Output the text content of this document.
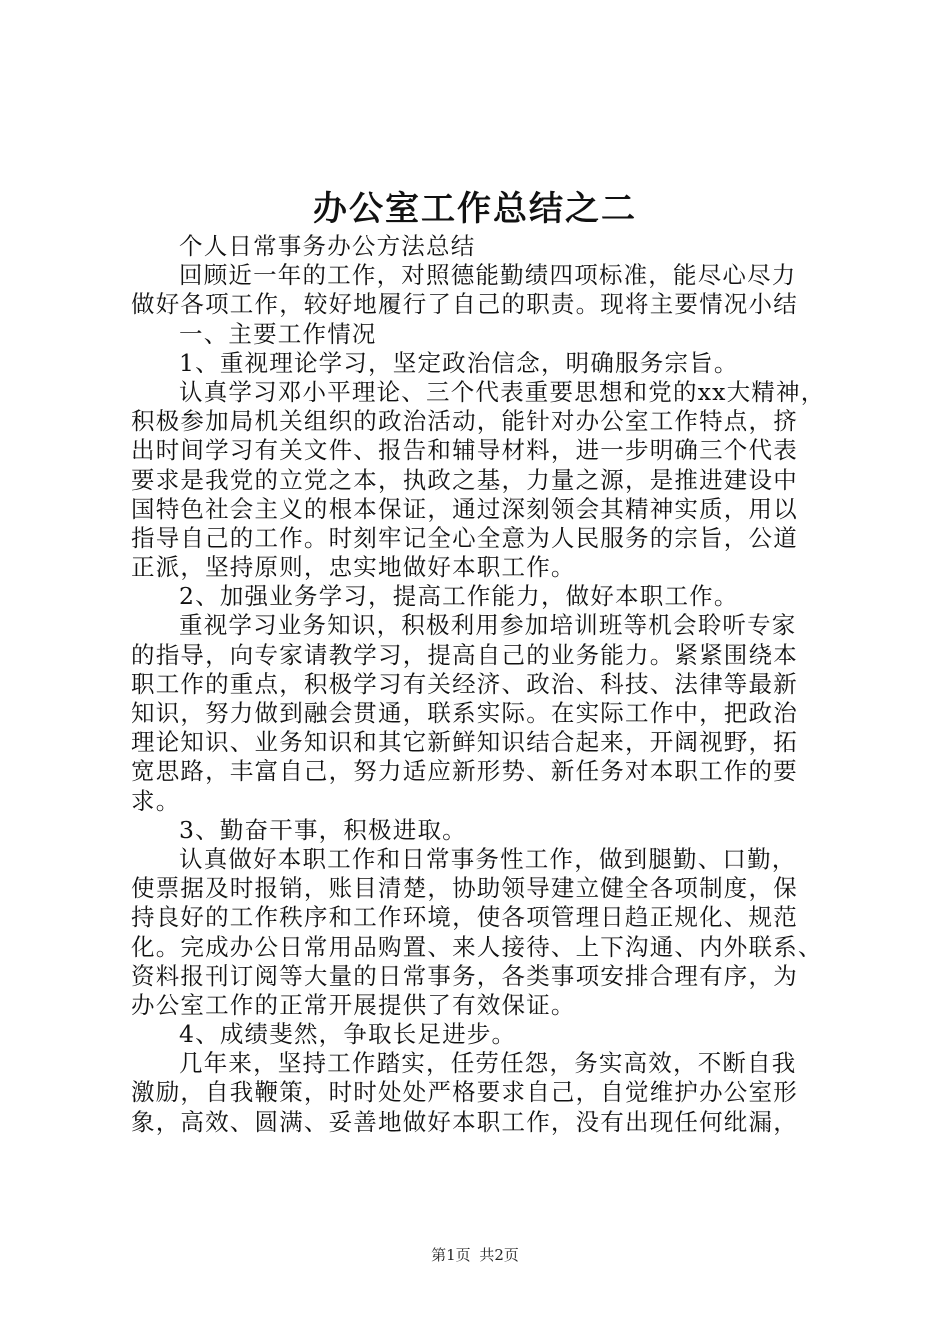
办公室工作总结之二
个人日常事务办公方法总结
回顾近一年的工作，对照德能勤绩四项标准，能尽心尽力
做好各项工作，较好地履行了自己的职责。现将主要情况小结
一、主要工作情况
1、重视理论学习，坚定政治信念，明确服务宗旨。
认真学习邓小平理论、三个代表重要思想和党的xx大精神，
积极参加局机关组织的政治活动，能针对办公室工作特点，挤
出时间学习有关文件、报告和辅导材料，进一步明确三个代表
要求是我党的立党之本，执政之基，力量之源，是推进建设中
国特色社会主义的根本保证，通过深刻领会其精神实质，用以
指导自己的工作。时刻牢记全心全意为人民服务的宗旨，公道
正派，坚持原则，忠实地做好本职工作。
2、加强业务学习，提高工作能力，做好本职工作。
重视学习业务知识，积极利用参加培训班等机会聆听专家
的指导，向专家请教学习，提高自己的业务能力。紧紧围绕本
职工作的重点，积极学习有关经济、政治、科技、法律等最新
知识，努力做到融会贯通，联系实际。在实际工作中，把政治
理论知识、业务知识和其它新鲜知识结合起来，开阔视野，拓
宽思路，丰富自己，努力适应新形势、新任务对本职工作的要
求。
3、勤奋干事，积极进取。
认真做好本职工作和日常事务性工作，做到腿勤、口勤，
使票据及时报销，账目清楚，协助领导建立健全各项制度，保
持良好的工作秩序和工作环境，使各项管理日趋正规化、规范
化。完成办公日常用品购置、来人接待、上下沟通、内外联系、
资料报刊订阅等大量的日常事务，各类事项安排合理有序，为
办公室工作的正常开展提供了有效保证。
4、成绩斐然，争取长足进步。
几年来，坚持工作踏实，任劳任怨，务实高效，不断自我
激励，自我鞭策，时时处处严格要求自己，自觉维护办公室形
象，高效、圆满、妥善地做好本职工作，没有出现任何纰漏，
第1页 共2页
